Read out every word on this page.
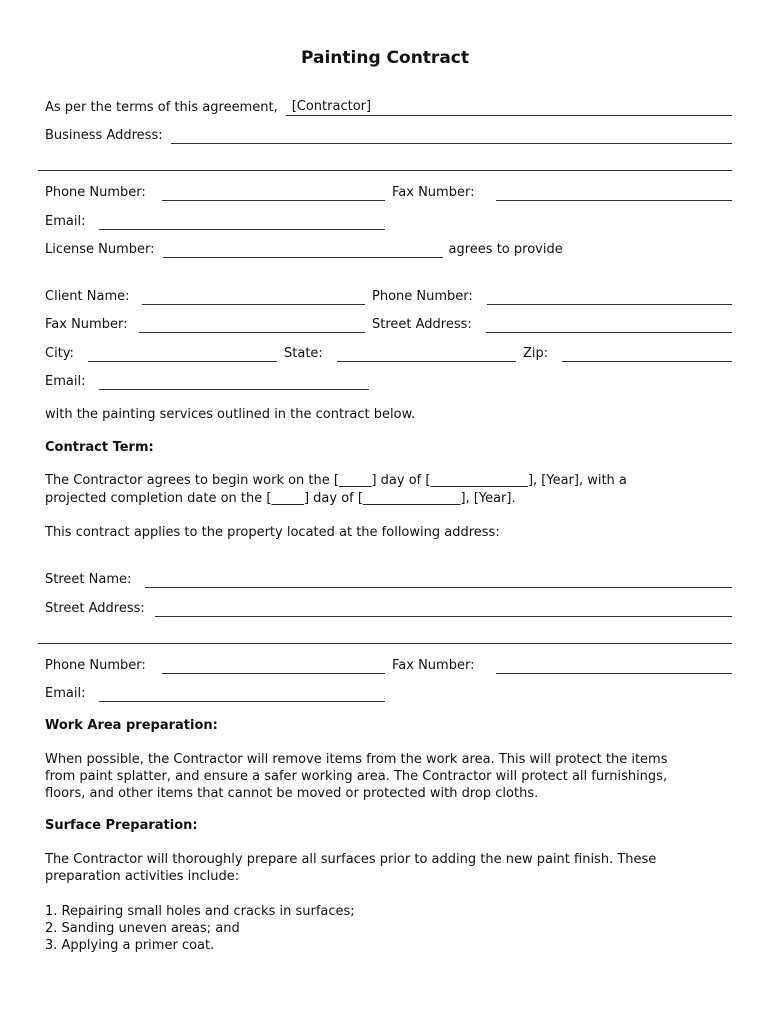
Painting Contract
As per the terms of this agreement,	[Contractor]
Business Address:
Phone Number:	Fax Number:
Email:
License Number:	agrees to provide
Client Name:	Phone Number:
Fax Number:	Street Address:
City:	State:	Zip:
Email:

with the painting services outlined in the contract below.

Contract Term:

The Contractor agrees to begin work on the [_____] day of [_______________], [Year], with a

projected completion date on the [_____] day of [_______________], [Year].

This contract applies to the property located at the following address:

Street Name:
Street Address:
Phone Number:	Fax Number:
Email:
Work Area preparation:

When possible, the Contractor will remove items from the work area. This will protect the items

from paint splatter, and ensure a safer working area. The Contractor will protect all furnishings,

floors, and other items that cannot be moved or protected with drop cloths.

Surface Preparation:

The Contractor will thoroughly prepare all surfaces prior to adding the new paint finish. These

preparation activities include:

1. Repairing small holes and cracks in surfaces;
2. Sanding uneven areas; and
3. Applying a primer coat.
